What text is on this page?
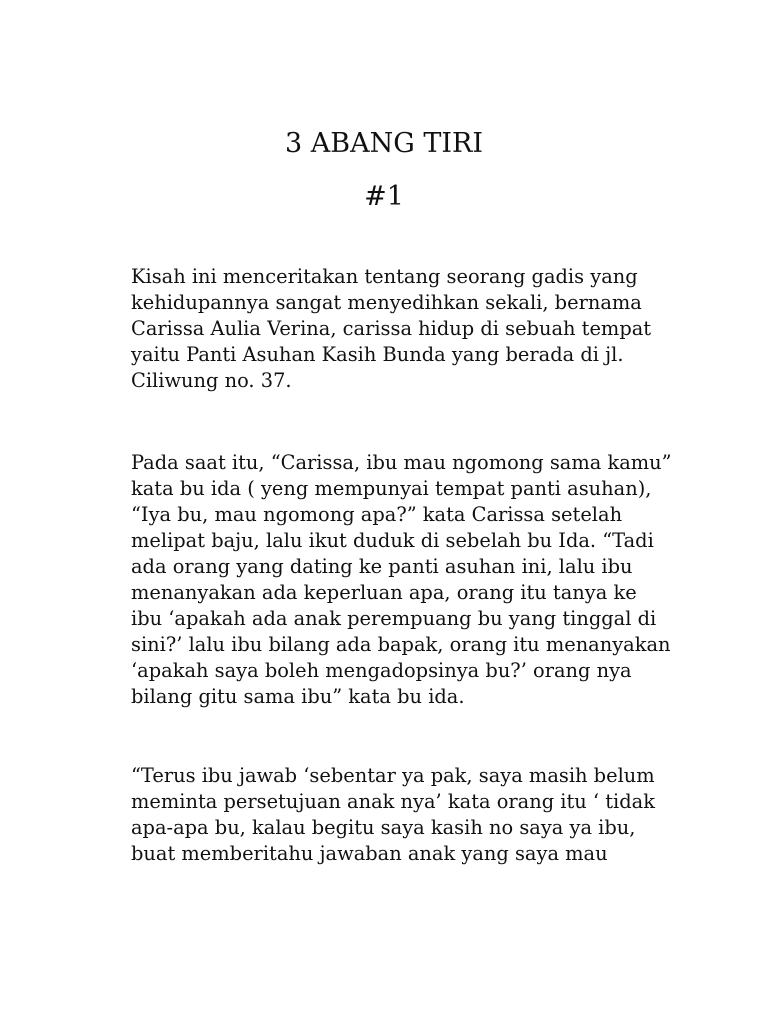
3 ABANG TIRI
#1

Kisah ini menceritakan tentang seorang gadis yang
kehidupannya sangat menyedihkan sekali, bernama
Carissa Aulia Verina, carissa hidup di sebuah tempat
yaitu Panti Asuhan Kasih Bunda yang berada di jl.
Ciliwung no. 37.

Pada saat itu, “Carissa, ibu mau ngomong sama kamu”
kata bu ida ( yeng mempunyai tempat panti asuhan),
“Iya bu, mau ngomong apa?” kata Carissa setelah
melipat baju, lalu ikut duduk di sebelah bu Ida. “Tadi
ada orang yang dating ke panti asuhan ini, lalu ibu
menanyakan ada keperluan apa, orang itu tanya ke
ibu ‘apakah ada anak perempuang bu yang tinggal di
sini?’ lalu ibu bilang ada bapak, orang itu menanyakan
‘apakah saya boleh mengadopsinya bu?’ orang nya
bilang gitu sama ibu” kata bu ida.

“Terus ibu jawab ‘sebentar ya pak, saya masih belum
meminta persetujuan anak nya’ kata orang itu ‘ tidak
apa-apa bu, kalau begitu saya kasih no saya ya ibu,
buat memberitahu jawaban anak yang saya mau
